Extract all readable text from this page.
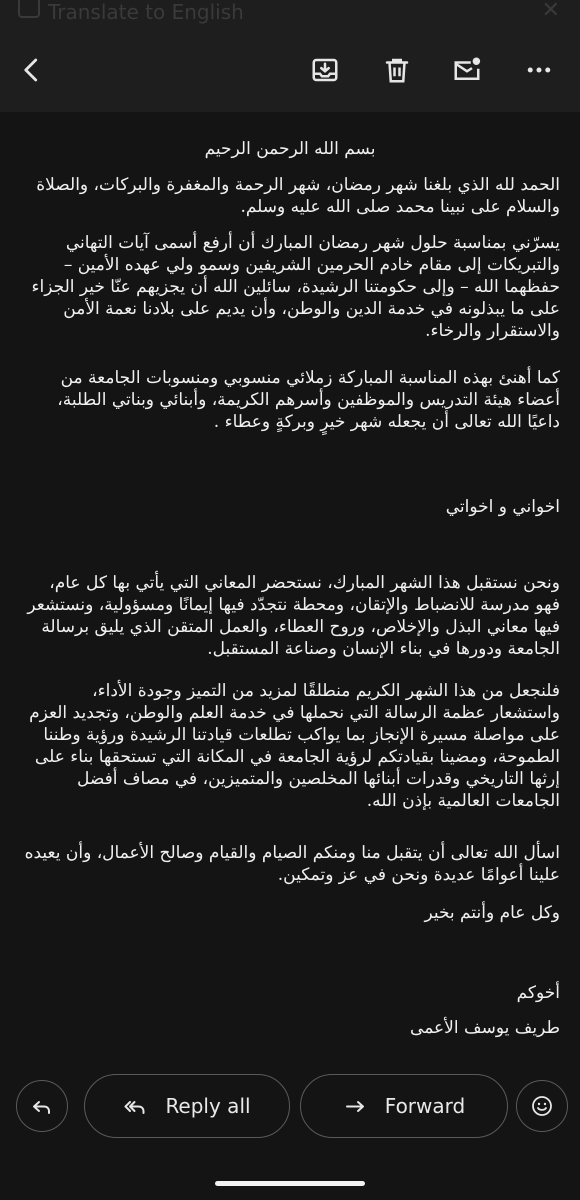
Translate to English	✕

بسم الله الرحمن الرحيم

الحمد لله الذي بلغنا شهر رمضان، شهر الرحمة والمغفرة والبركات، والصلاة والسلام على نبينا محمد صلى الله عليه وسلم.

يسرّني بمناسبة حلول شهر رمضان المبارك أن أرفع أسمى آيات التهاني والتبريكات إلى مقام خادم الحرمين الشريفين وسمو ولي عهده الأمين – حفظهما الله – وإلى حكومتنا الرشيدة، سائلين الله أن يجزيهم عنّا خير الجزاء على ما يبذلونه في خدمة الدين والوطن، وأن يديم على بلادنا نعمة الأمن والاستقرار والرخاء.

كما أهنئ بهذه المناسبة المباركة زملائي منسوبي ومنسوبات الجامعة من أعضاء هيئة التدريس والموظفين وأسرهم الكريمة، وأبنائي وبناتي الطلبة، داعيًا الله تعالى أن يجعله شهر خيرٍ وبركةٍ وعطاء .

اخواني و اخواتي

ونحن نستقبل هذا الشهر المبارك، نستحضر المعاني التي يأتي بها كل عام، فهو مدرسة للانضباط والإتقان، ومحطة نتجدّد فيها إيمانًا ومسؤولية، ونستشعر فيها معاني البذل والإخلاص، وروح العطاء، والعمل المتقن الذي يليق برسالة الجامعة ودورها في بناء الإنسان وصناعة المستقبل.

فلنجعل من هذا الشهر الكريم منطلقًا لمزيد من التميز وجودة الأداء، واستشعار عظمة الرسالة التي نحملها في خدمة العلم والوطن، وتجديد العزم على مواصلة مسيرة الإنجاز بما يواكب تطلعات قيادتنا الرشيدة ورؤية وطننا الطموحة، ومضينا بقيادتكم لرؤية الجامعة في المكانة التي تستحقها بناء على إرثها التاريخي وقدرات أبنائها المخلصين والمتميزين، في مصاف أفضل الجامعات العالمية بإذن الله.

اسأل الله تعالى أن يتقبل منا ومنكم الصيام والقيام وصالح الأعمال، وأن يعيده علينا أعوامًا عديدة ونحن في عز وتمكين.

وكل عام وأنتم بخير

أخوكم

طريف يوسف الأعمى

Reply all	Forward
